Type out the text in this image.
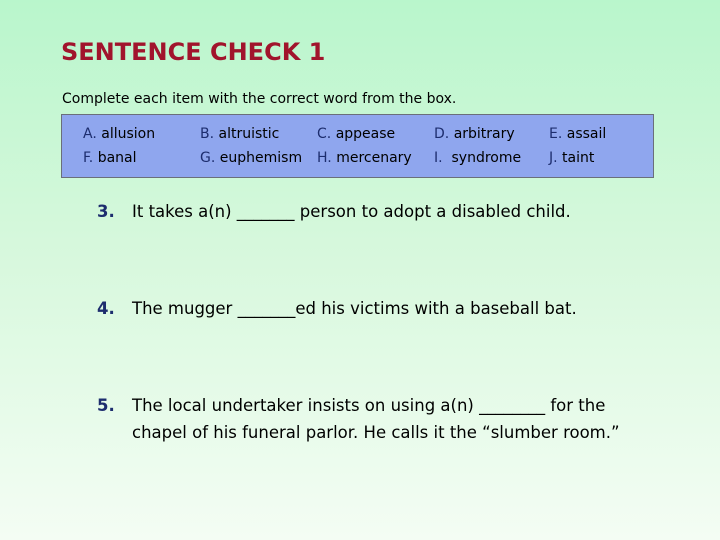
SENTENCE CHECK 1
Complete each item with the correct word from the box.
A. allusion	B. altruistic	C. appease	D. arbitrary E. assail
F. banal	G. euphemism H. mercenary I. syndrome J. taint
3. It takes a(n) _______ person to adopt a disabled child.
4. The mugger _______ed his victims with a baseball bat.
5. The local undertaker insists on using a(n) ________ for the
chapel of his funeral parlor. He calls it the “slumber room.”
